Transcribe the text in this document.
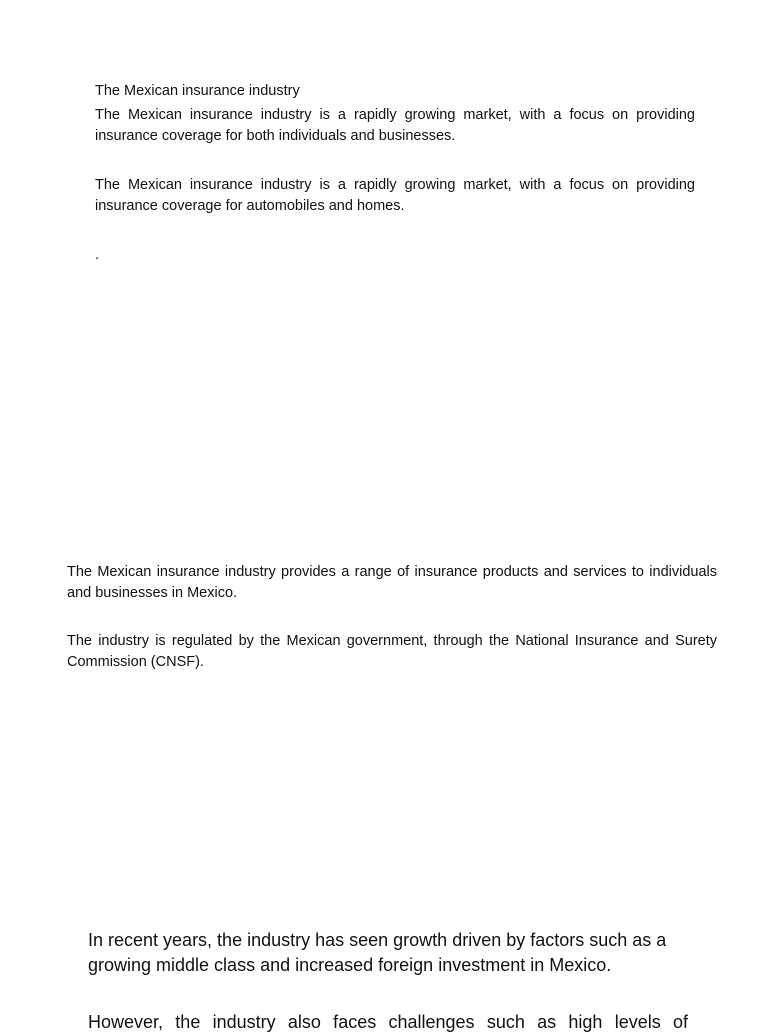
The Mexican insurance industry

The Mexican insurance industry is a rapidly growing market, with a focus on providing insurance coverage for both individuals and businesses.

The Mexican insurance industry is a rapidly growing market, with a focus on providing insurance coverage for automobiles and homes.

.

The Mexican insurance industry provides a range of insurance products and services to individuals and businesses in Mexico.

The industry is regulated by the Mexican government, through the National Insurance and Surety Commission (CNSF).

In recent years, the industry has seen growth driven by factors such as a growing middle class and increased foreign investment in Mexico.

However, the industry also faces challenges such as high levels of
